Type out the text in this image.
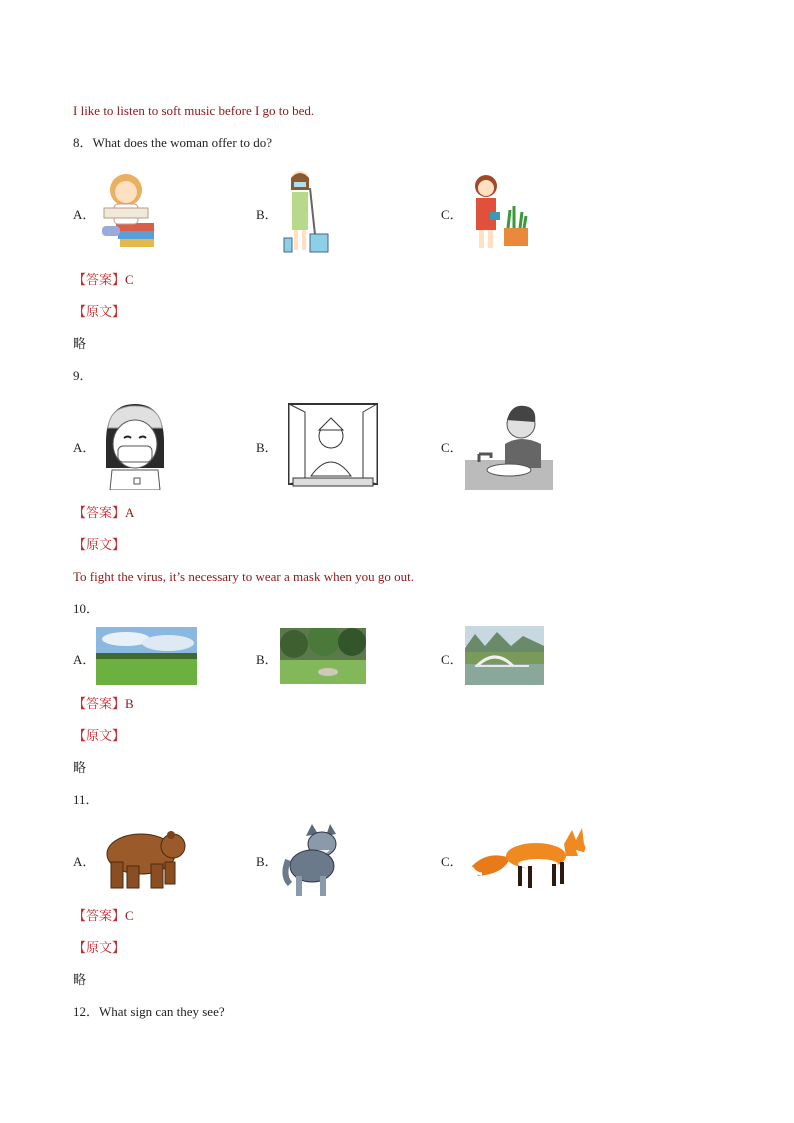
I like to listen to soft music before I go to bed.
8．What does the woman offer to do?
A．	B．	C．
【答案】C
【原文】
略
9．
A．	B．	C．
【答案】A
【原文】
To fight the virus, it’s necessary to wear a mask when you go out.
10．
A．	B．	C．
【答案】B
【原文】
略
11．
A．	B．	C．
【答案】C
【原文】
略
12．What sign can they see?
